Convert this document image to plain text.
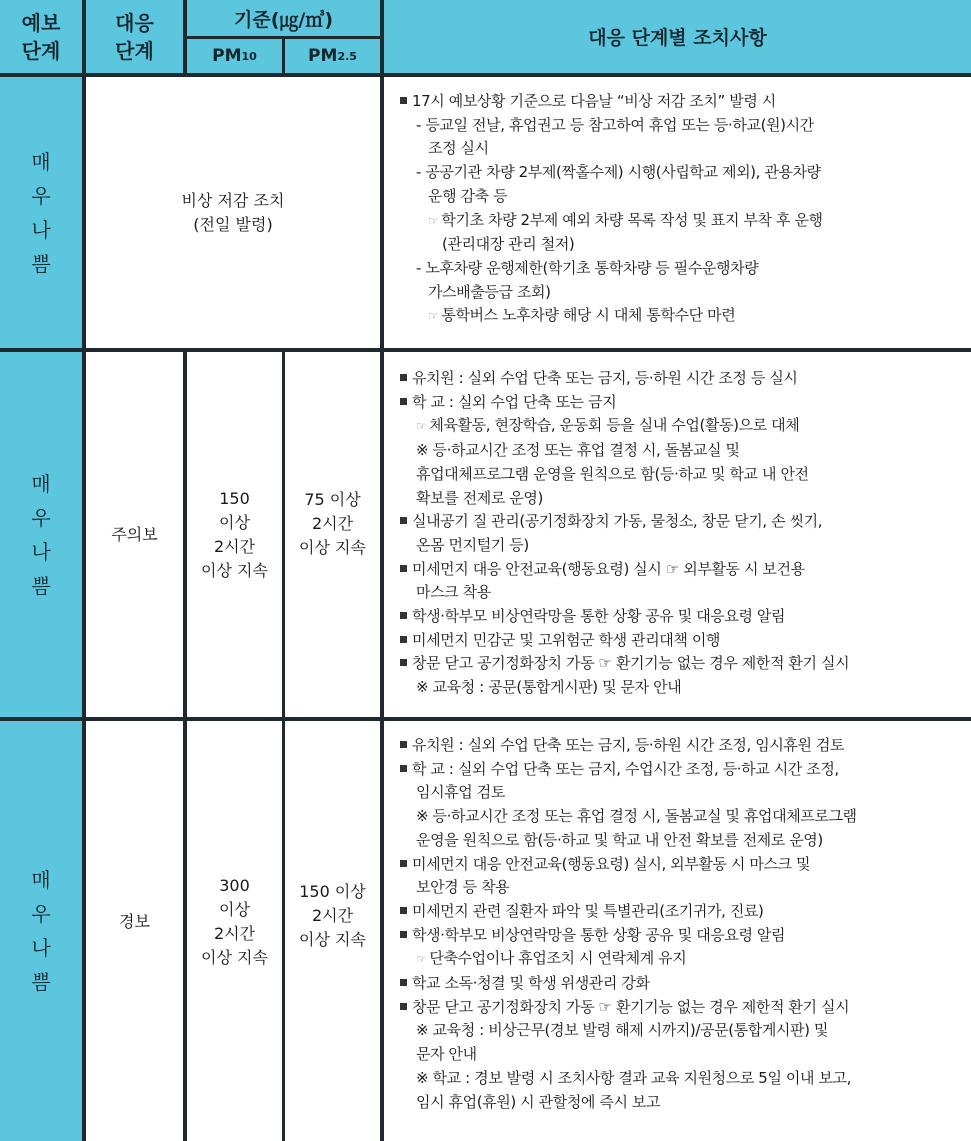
예보
단계
대응
단계
기준(㎍/㎥)
PM 10	PM 2.5
대응 단계별 조치사항
매
우
나
쁨
비상 저감 조치
(전일 발령)
17시 예보상황 기준으로 다음날 “비상 저감 조치” 발령 시
- 등교일 전날, 휴업권고 등 참고하여 휴업 또는 등·하교(원)시간
조정 실시
- 공공기관 차량 2부제(짝홀수제) 시행(사립학교 제외), 관용차량
운행 감축 등
☞ 학기초 차량 2부제 예외 차량 목록 작성 및 표지 부착 후 운행
(관리대장 관리 철저)
- 노후차량 운행제한(학기초 통학차량 등 필수운행차량
가스배출등급 조회)
☞ 통학버스 노후차량 해당 시 대체 통학수단 마련
매
우
나
쁨
주의보
150
이상
2시간
이상 지속
75 이상
2시간
이상 지속
유치원 : 실외 수업 단축 또는 금지, 등·하원 시간 조정 등 실시
학 교 : 실외 수업 단축 또는 금지
☞ 체육활동, 현장학습, 운동회 등을 실내 수업(활동)으로 대체
※ 등·하교시간 조정 또는 휴업 결정 시, 돌봄교실 및
휴업대체프로그램 운영을 원칙으로 함(등·하교 및 학교 내 안전
확보를 전제로 운영)
실내공기 질 관리(공기정화장치 가동, 물청소, 창문 닫기, 손 씻기,
온몸 먼지털기 등)
미세먼지 대응 안전교육(행동요령) 실시 ☞ 외부활동 시 보건용
마스크 착용
학생·학부모 비상연락망을 통한 상황 공유 및 대응요령 알림
미세먼지 민감군 및 고위험군 학생 관리대책 이행
창문 닫고 공기정화장치 가동 ☞ 환기기능 없는 경우 제한적 환기 실시
※ 교육청 : 공문(통합게시판) 및 문자 안내
매
우
나
쁨
경보
300
이상
2시간
이상 지속
150 이상
2시간
이상 지속
유치원 : 실외 수업 단축 또는 금지, 등·하원 시간 조정, 임시휴원 검토
학 교 : 실외 수업 단축 또는 금지, 수업시간 조정, 등·하교 시간 조정,
임시휴업 검토
※ 등·하교시간 조정 또는 휴업 결정 시, 돌봄교실 및 휴업대체프로그램
운영을 원칙으로 함(등·하교 및 학교 내 안전 확보를 전제로 운영)
미세먼지 대응 안전교육(행동요령) 실시, 외부활동 시 마스크 및
보안경 등 착용
미세먼지 관련 질환자 파악 및 특별관리(조기귀가, 진료)
학생·학부모 비상연락망을 통한 상황 공유 및 대응요령 알림
☞ 단축수업이나 휴업조치 시 연락체계 유지
학교 소독·청결 및 학생 위생관리 강화
창문 닫고 공기정화장치 가동 ☞ 환기기능 없는 경우 제한적 환기 실시
※ 교육청 : 비상근무(경보 발령 해제 시까지)/공문(통합게시판) 및
문자 안내
※ 학교 : 경보 발령 시 조치사항 결과 교육 지원청으로 5일 이내 보고,
임시 휴업(휴원) 시 관할청에 즉시 보고
